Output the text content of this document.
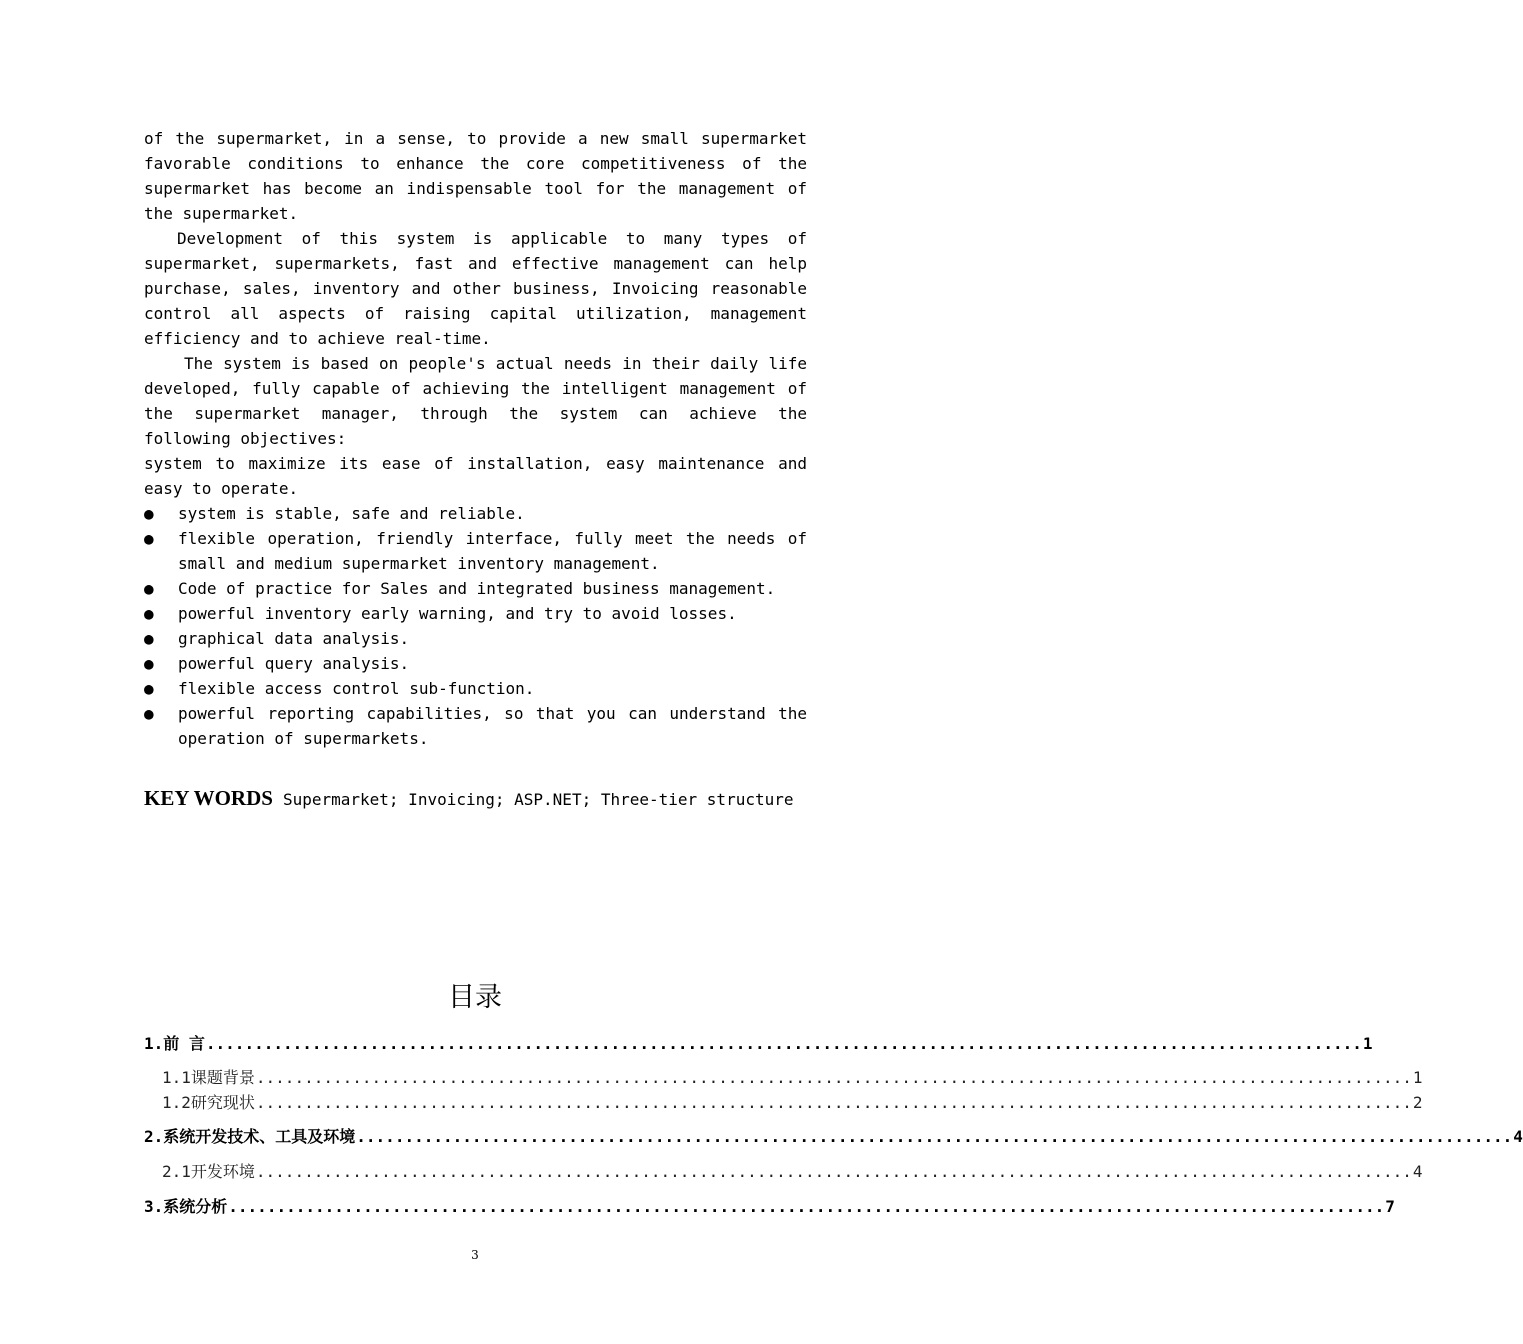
of the supermarket, in a sense, to provide a new small supermarket favorable conditions to enhance the core competitiveness of the supermarket has become an indispensable tool for the management of the supermarket.

Development of this system is applicable to many types of supermarket, supermarkets, fast and effective management can help purchase, sales, inventory and other business, Invoicing reasonable control all aspects of raising capital utilization, management efficiency and to achieve real-time.

The system is based on people's actual needs in their daily life developed, fully capable of achieving the intelligent management of the supermarket manager, through the system can achieve the following objectives:

system to maximize its ease of installation, easy maintenance and easy to operate.

● system is stable, safe and reliable.
● flexible operation, friendly interface, fully meet the needs of small and medium supermarket inventory management.
● Code of practice for Sales and integrated business management.
● powerful inventory early warning, and try to avoid losses.
● graphical data analysis.
● powerful query analysis.
● flexible access control sub-function.
● powerful reporting capabilities, so that you can understand the operation of supermarkets.
KEY WORDS Supermarket; Invoicing; ASP.NET; Three-tier structure
目录
1.前 言 ........................................................................................................................ 1
1.1课题背景 ........................................................................................................................ 1
1.2研究现状 ........................................................................................................................ 2
2.系统开发技术、工具及环境 ........................................................................................................................ 4
2.1开发环境 ........................................................................................................................ 4
3.系统分析 ........................................................................................................................ 7
3
